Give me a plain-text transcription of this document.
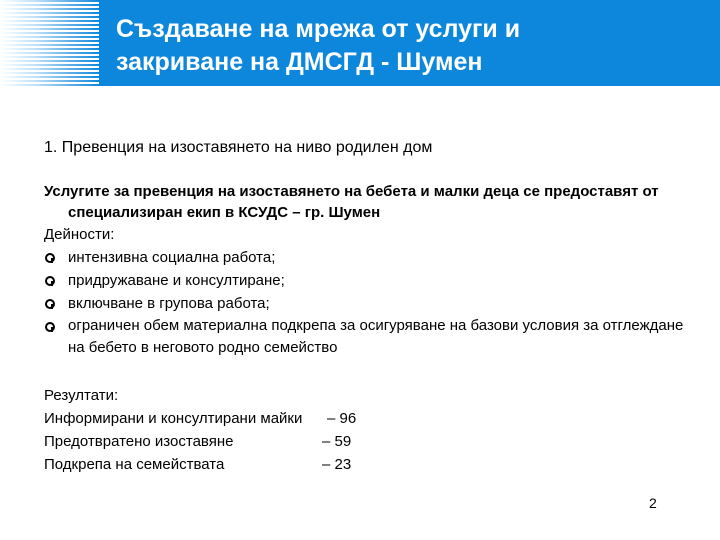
Създаване на мрежа от услуги и
закриване на ДМСГД - Шумен
1. Превенция на изоставянето на ниво родилен дом

Услугите за превенция на изоставянето на бебета и малки деца се предоставят от специализиран екип в КСУДС – гр. Шумен

Дейности:

интензивна социална работа;
придружаване и консултиране;
включване в групова работа;
ограничен обем материална подкрепа за осигуряване на базови условия за отглеждане на бебето в неговото родно семейство
Резултати:
Информирани и консултирани майки – 96
Предотвратено изоставяне	– 59
Подкрепа на семействата	– 23
2
